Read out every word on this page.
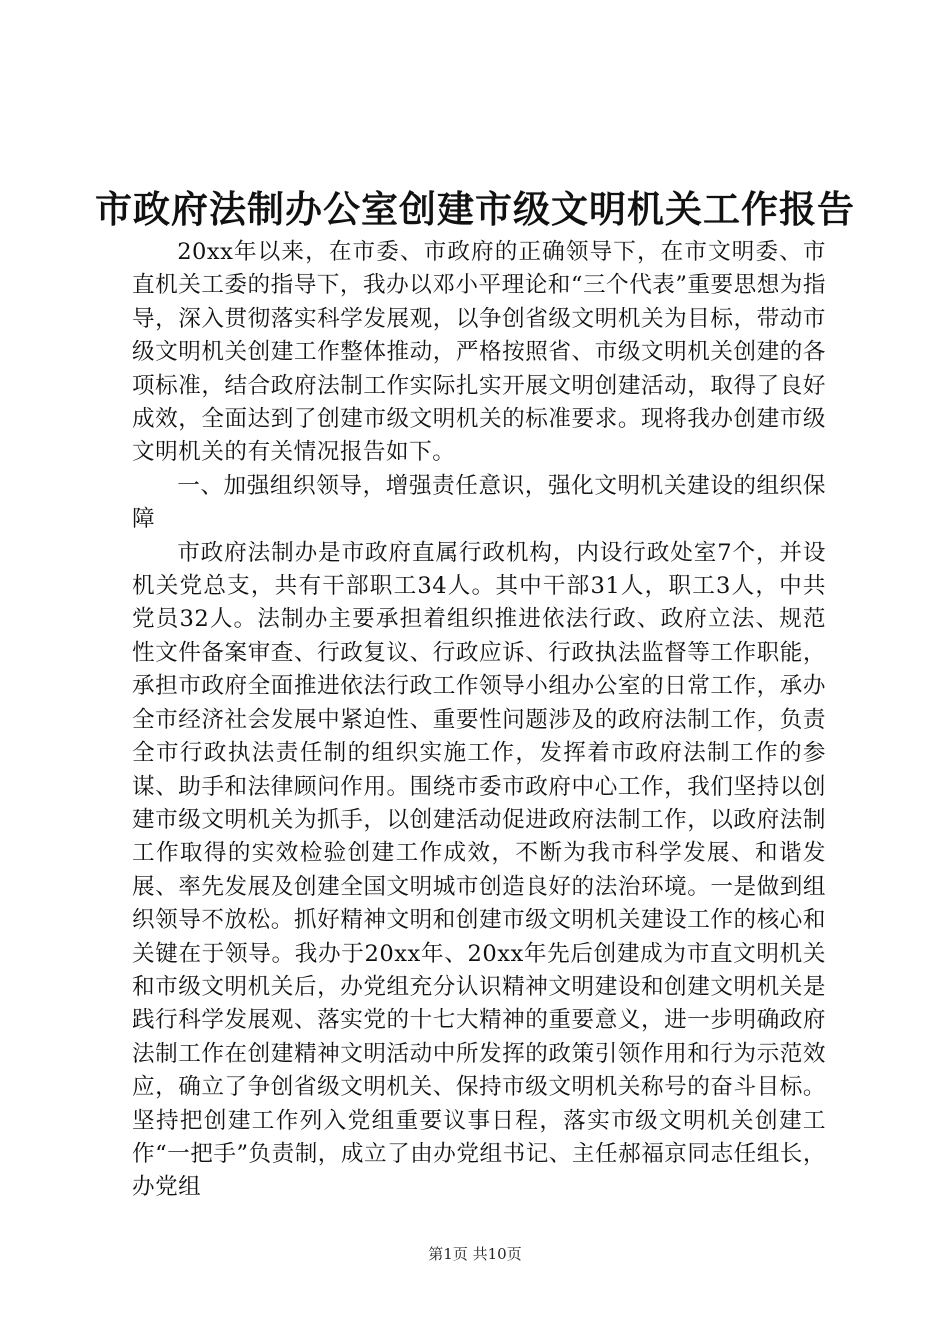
市政府法制办公室创建市级文明机关工作报告

20xx年以来，在市委、市政府的正确领导下，在市文明委、市直机关工委的指导下，我办以邓小平理论和“三个代表”重要思想为指导，深入贯彻落实科学发展观，以争创省级文明机关为目标，带动市级文明机关创建工作整体推动，严格按照省、市级文明机关创建的各项标准，结合政府法制工作实际扎实开展文明创建活动，取得了良好成效，全面达到了创建市级文明机关的标准要求。现将我办创建市级文明机关的有关情况报告如下。

一、加强组织领导，增强责任意识，强化文明机关建设的组织保障

市政府法制办是市政府直属行政机构，内设行政处室7个，并设机关党总支，共有干部职工34人。其中干部31人，职工3人，中共党员32人。法制办主要承担着组织推进依法行政、政府立法、规范性文件备案审查、行政复议、行政应诉、行政执法监督等工作职能，承担市政府全面推进依法行政工作领导小组办公室的日常工作，承办全市经济社会发展中紧迫性、重要性问题涉及的政府法制工作，负责全市行政执法责任制的组织实施工作，发挥着市政府法制工作的参谋、助手和法律顾问作用。围绕市委市政府中心工作，我们坚持以创建市级文明机关为抓手，以创建活动促进政府法制工作，以政府法制工作取得的实效检验创建工作成效，不断为我市科学发展、和谐发展、率先发展及创建全国文明城市创造良好的法治环境。一是做到组织领导不放松。抓好精神文明和创建市级文明机关建设工作的核心和关键在于领导。我办于20xx年、20xx年先后创建成为市直文明机关和市级文明机关后，办党组充分认识精神文明建设和创建文明机关是践行科学发展观、落实党的十七大精神的重要意义，进一步明确政府法制工作在创建精神文明活动中所发挥的政策引领作用和行为示范效应，确立了争创省级文明机关、保持市级文明机关称号的奋斗目标。坚持把创建工作列入党组重要议事日程，落实市级文明机关创建工作“一把手”负责制，成立了由办党组书记、主任郝福京同志任组长，办党组

第1页 共10页
